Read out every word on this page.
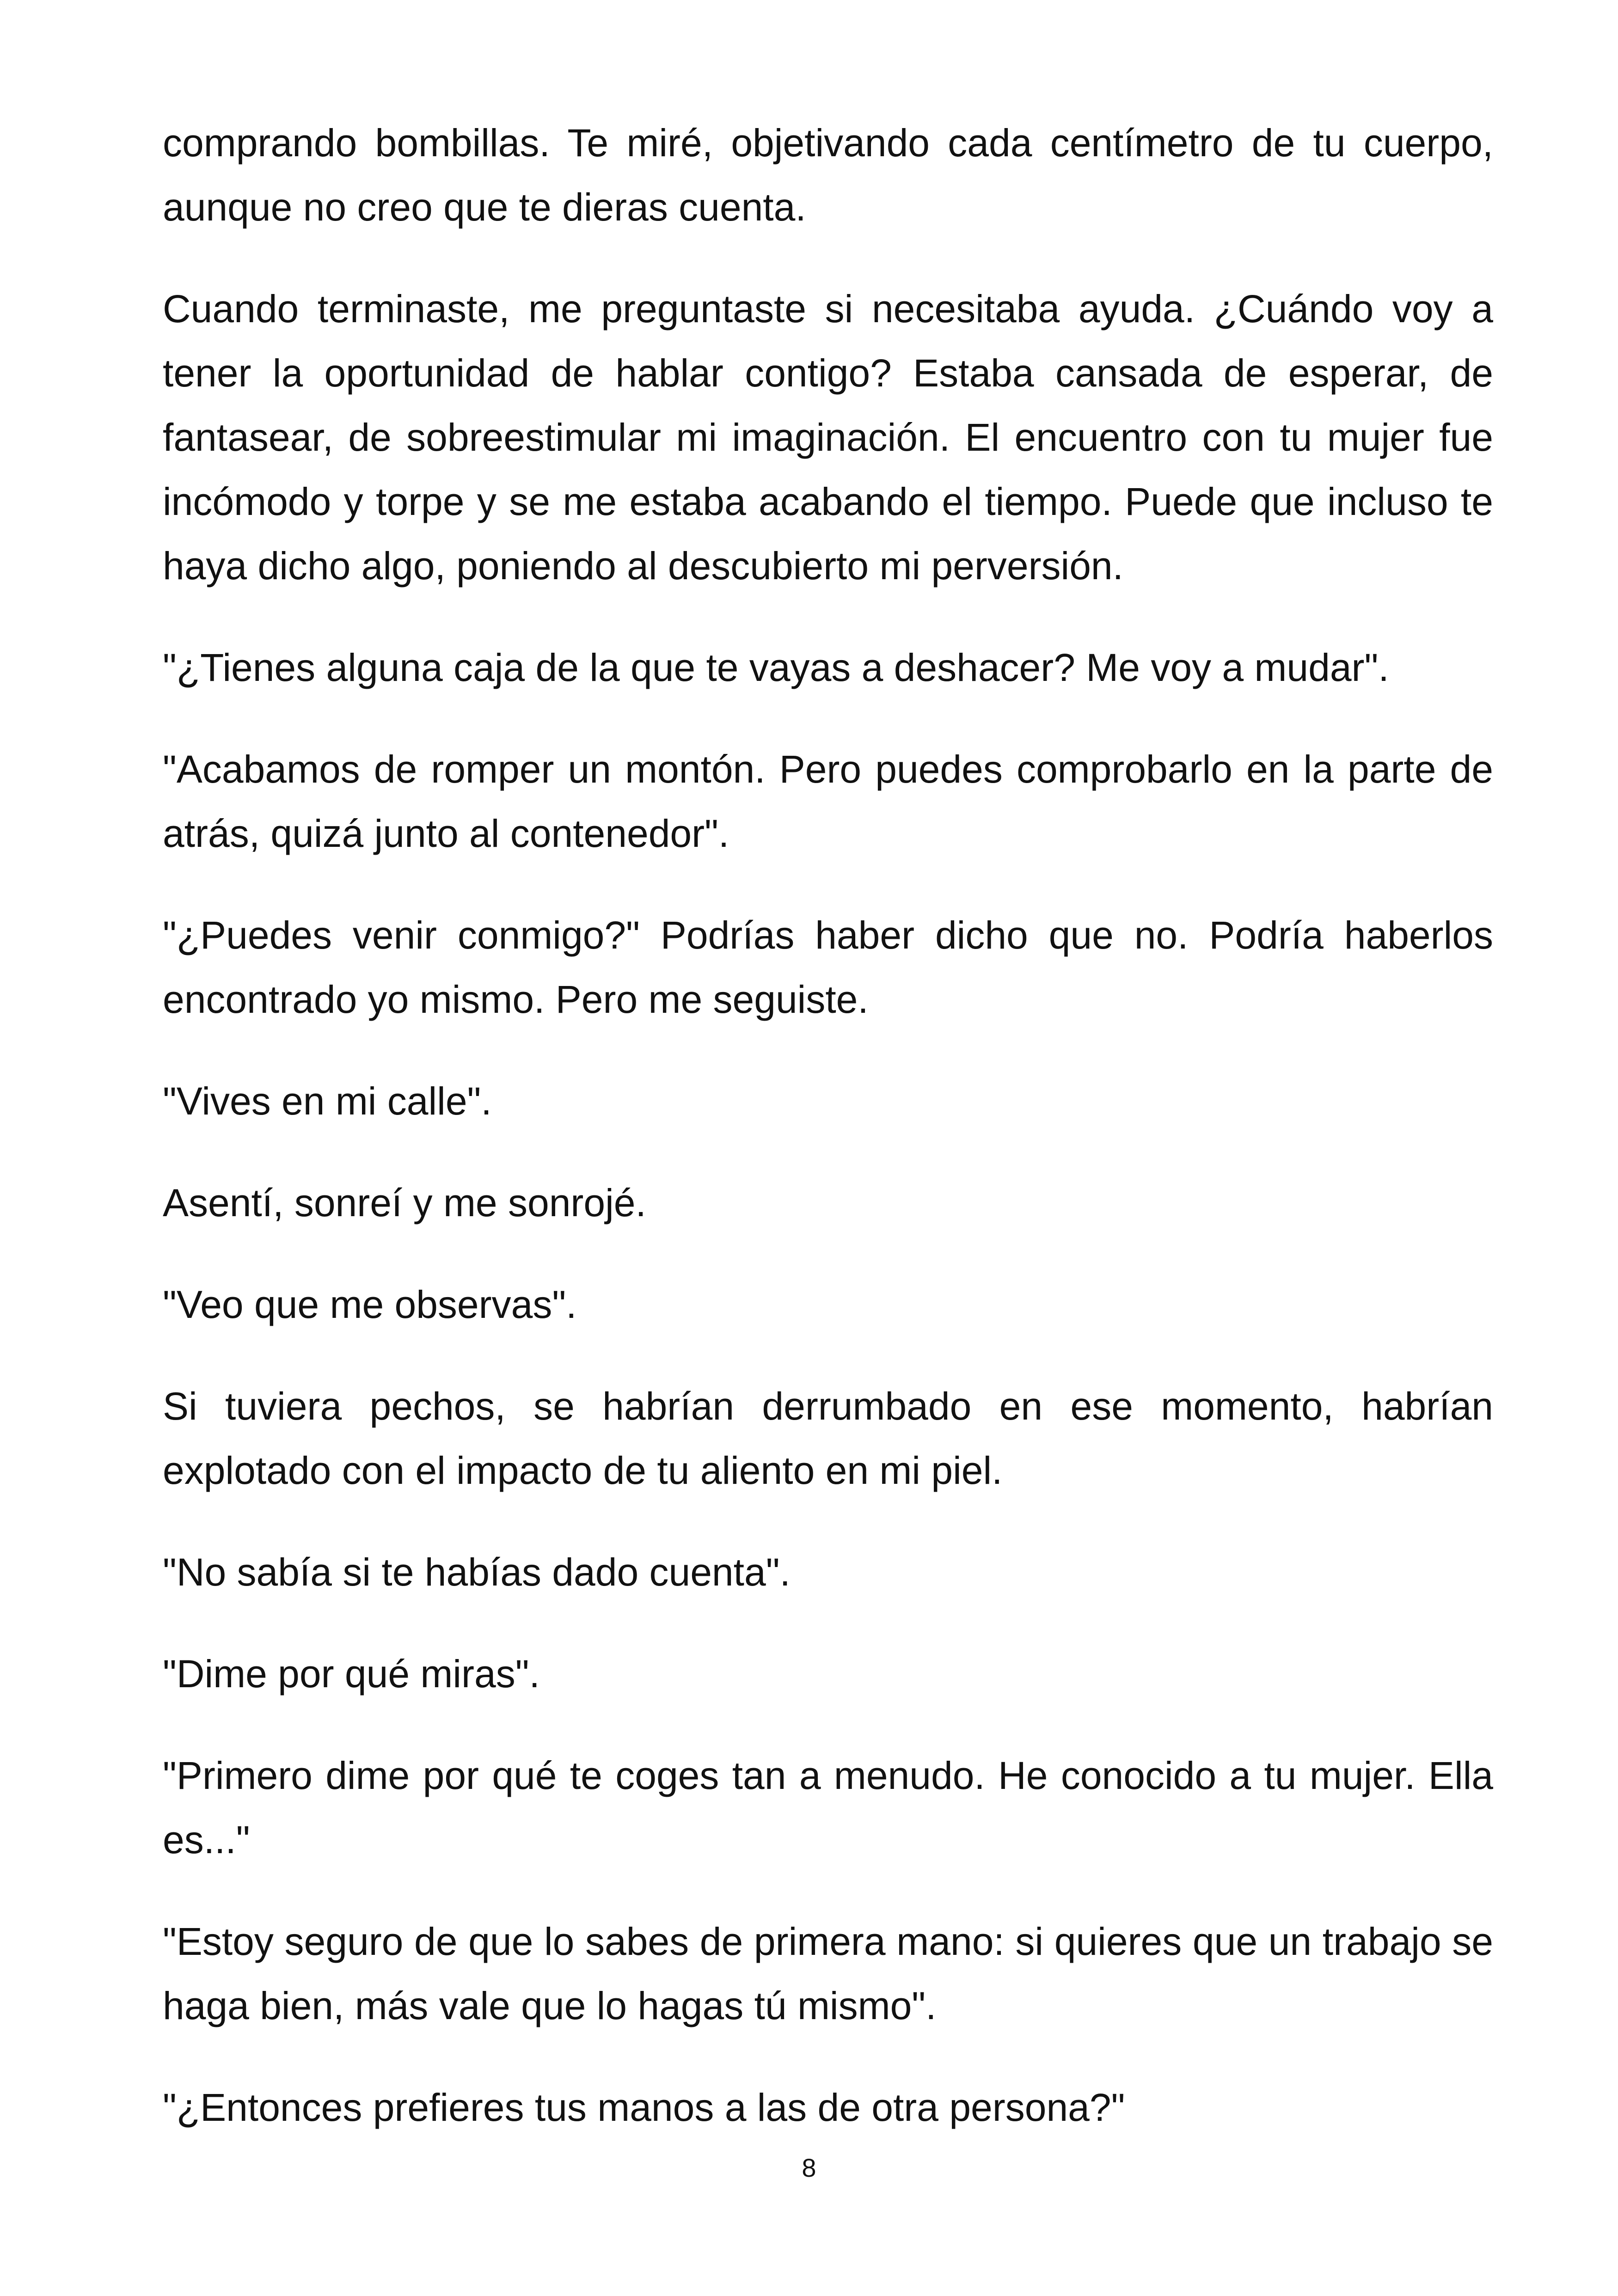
comprando bombillas. Te miré, objetivando cada centímetro de tu cuerpo, aunque no creo que te dieras cuenta.

Cuando terminaste, me preguntaste si necesitaba ayuda. ¿Cuándo voy a tener la oportunidad de hablar contigo? Estaba cansada de esperar, de fantasear, de sobreestimular mi imaginación. El encuentro con tu mujer fue incómodo y torpe y se me estaba acabando el tiempo. Puede que incluso te haya dicho algo, poniendo al descubierto mi perversión.

"¿Tienes alguna caja de la que te vayas a deshacer? Me voy a mudar".

"Acabamos de romper un montón. Pero puedes comprobarlo en la parte de atrás, quizá junto al contenedor".

"¿Puedes venir conmigo?" Podrías haber dicho que no. Podría haberlos encontrado yo mismo. Pero me seguiste.

"Vives en mi calle".

Asentí, sonreí y me sonrojé.

"Veo que me observas".

Si tuviera pechos, se habrían derrumbado en ese momento, habrían explotado con el impacto de tu aliento en mi piel.

"No sabía si te habías dado cuenta".

"Dime por qué miras".

"Primero dime por qué te coges tan a menudo. He conocido a tu mujer. Ella es..."

"Estoy seguro de que lo sabes de primera mano: si quieres que un trabajo se haga bien, más vale que lo hagas tú mismo".

"¿Entonces prefieres tus manos a las de otra persona?"

8
